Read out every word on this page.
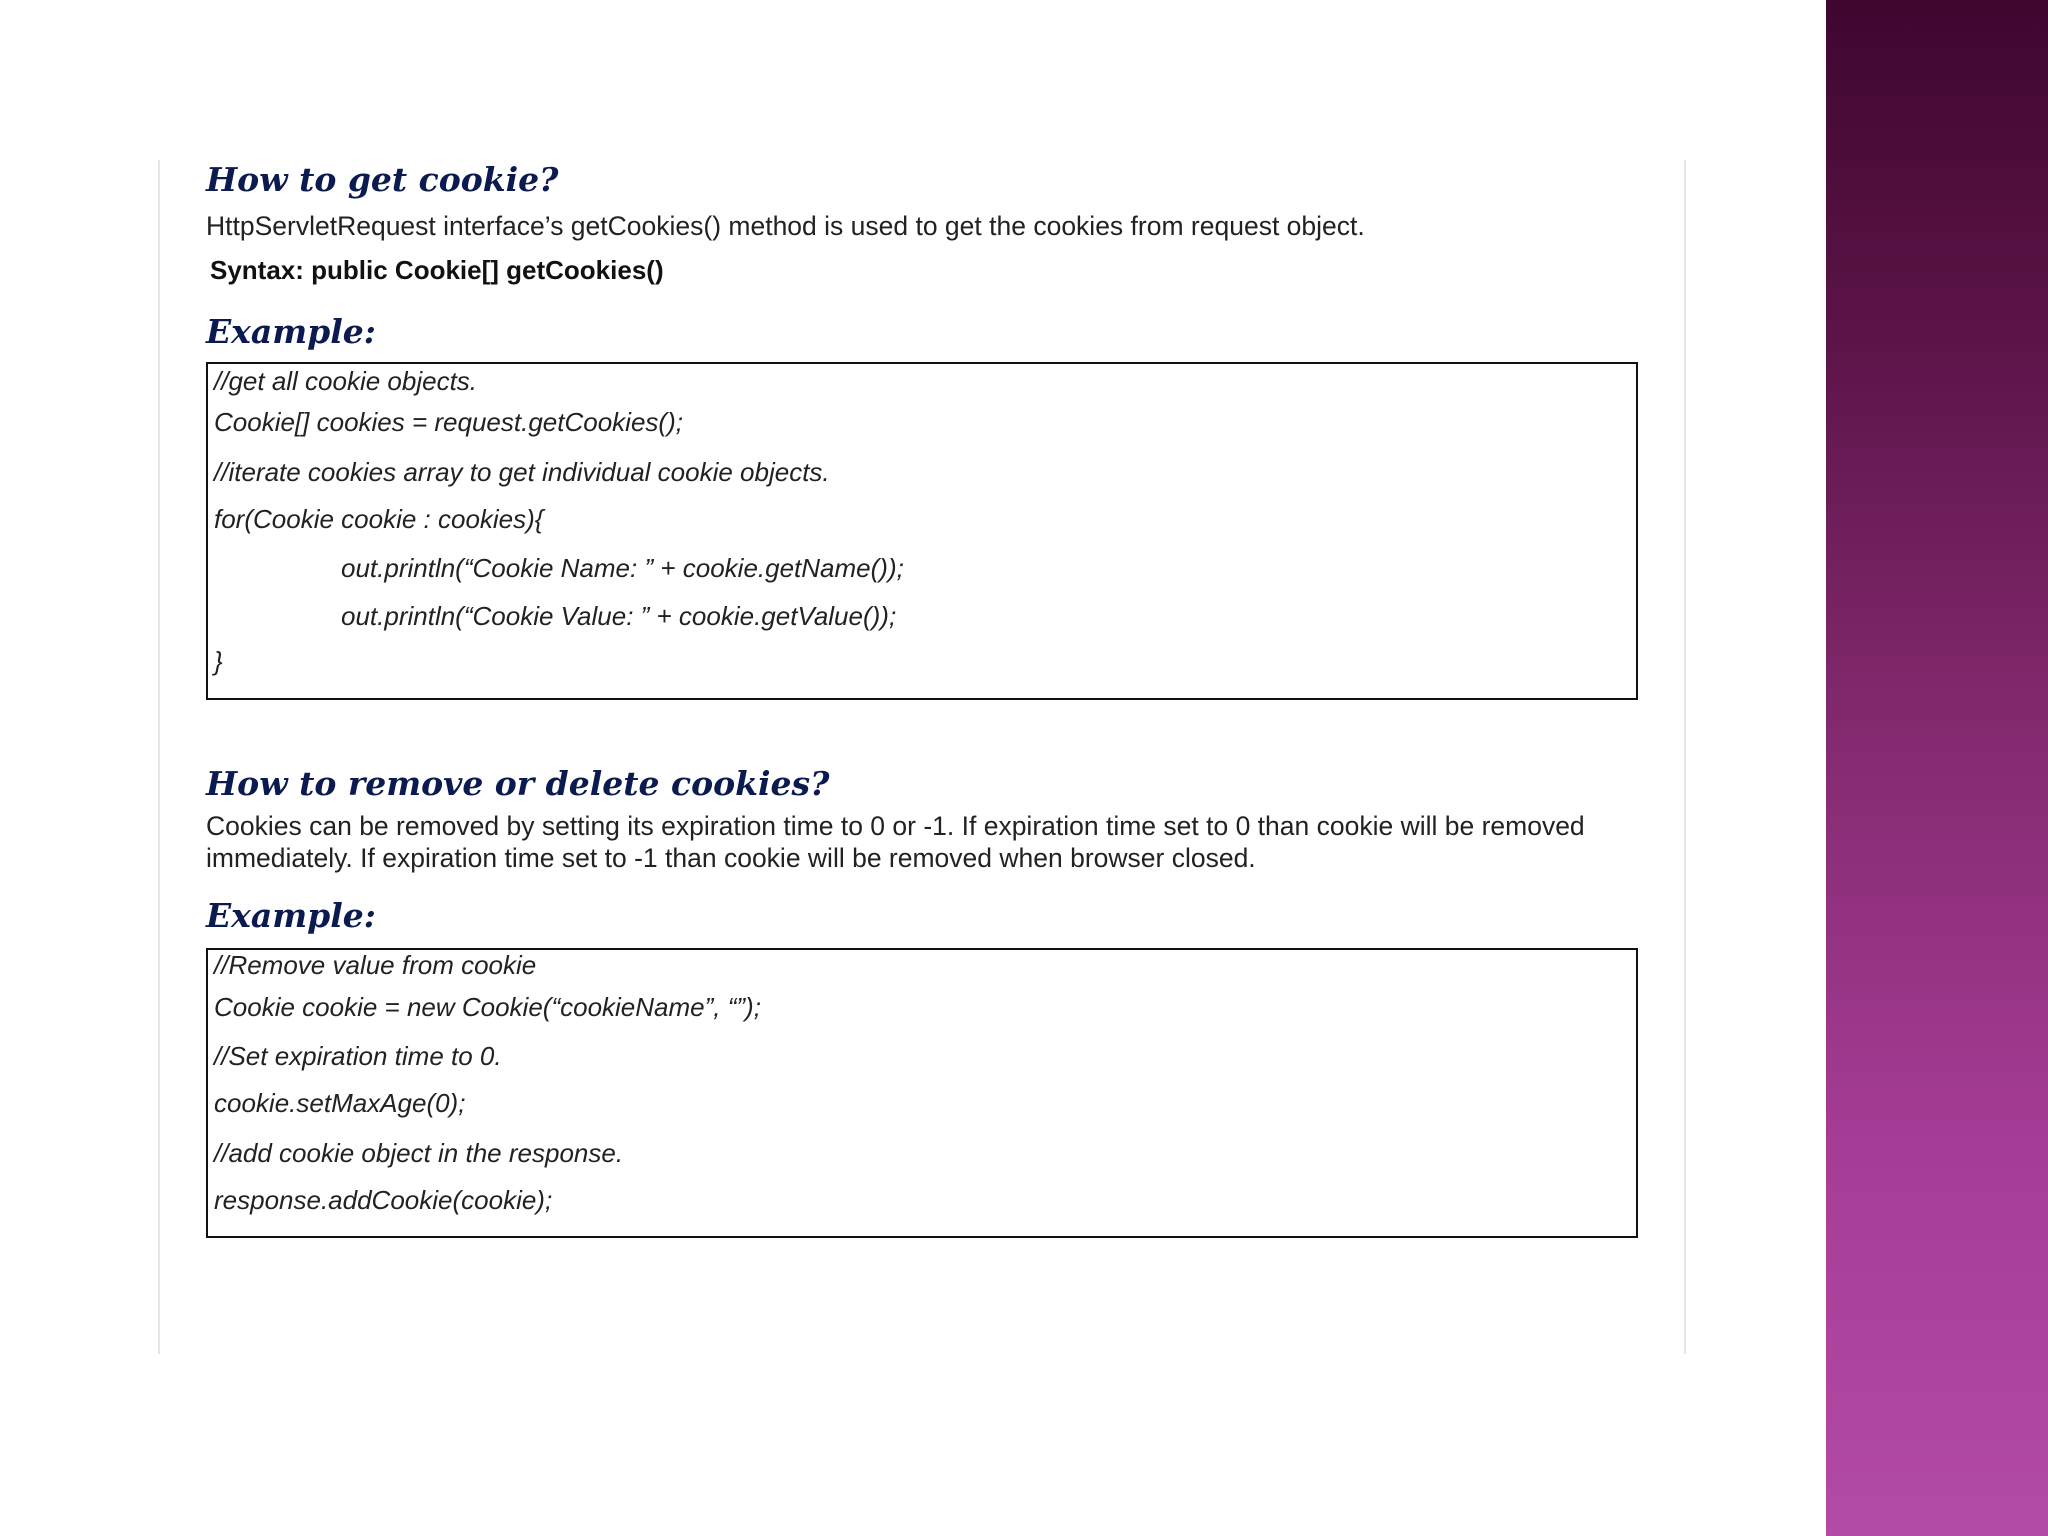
How to get cookie?
HttpServletRequest interface’s getCookies() method is used to get the cookies from request object.
Syntax: public Cookie[] getCookies()
Example:
//get all cookie objects.
Cookie[] cookies = request.getCookies();
//iterate cookies array to get individual cookie objects.
for(Cookie cookie : cookies){
out.println(“Cookie Name: ” + cookie.getName());
out.println(“Cookie Value: ” + cookie.getValue());
}
How to remove or delete cookies?
Cookies can be removed by setting its expiration time to 0 or -1. If expiration time set to 0 than cookie will be removed immediately. If expiration time set to -1 than cookie will be removed when browser closed.
Example:
//Remove value from cookie
Cookie cookie = new Cookie(“cookieName”, “”);
//Set expiration time to 0.
cookie.setMaxAge(0);
//add cookie object in the response.
response.addCookie(cookie);
